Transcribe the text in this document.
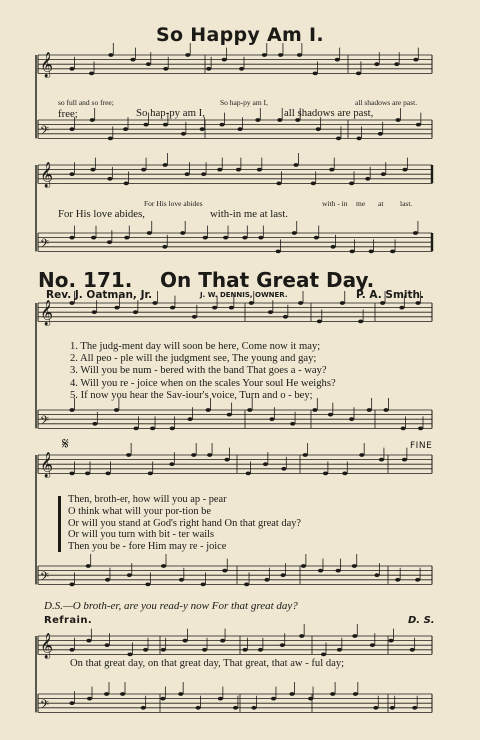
𝄞
𝄢
𝄞
𝄢
𝄞
𝄢
𝄞
𝄢
𝄞
𝄢
So Happy Am I.
so full and so free;	So hap-py am I,	all shadows are past.
free;	So hap-py am I,	all shadows are past,
For His love abides	with - in me at last.
For His love abides,	with-in me at last.
No. 171. On That Great Day.
Rev. J. Oatman, Jr.	J. W. DENNIS, OWNER.	P. A. Smith.
1. The judg-ment day will soon be here, Come now it may;
2. All peo - ple will the judgment see, The young and gay;
3. Will you be num - bered with the band That goes a - way?
4. Will you re - joice when on the scales Your soul He weighs?
5. If now you hear the Sav-iour's voice, Turn and o - bey;
𝄋	FINE
Then, broth-er, how will you ap - pear
O think what will your por-tion be
Or will you stand at God's right hand On that great day?
Or will you turn with bit - ter wails
Then you be - fore Him may re - joice
D.S.—O broth-er, are you read-y now For that great day?
Refrain.	D. S.
On that great day, on that great day, That great, that aw - ful day;
